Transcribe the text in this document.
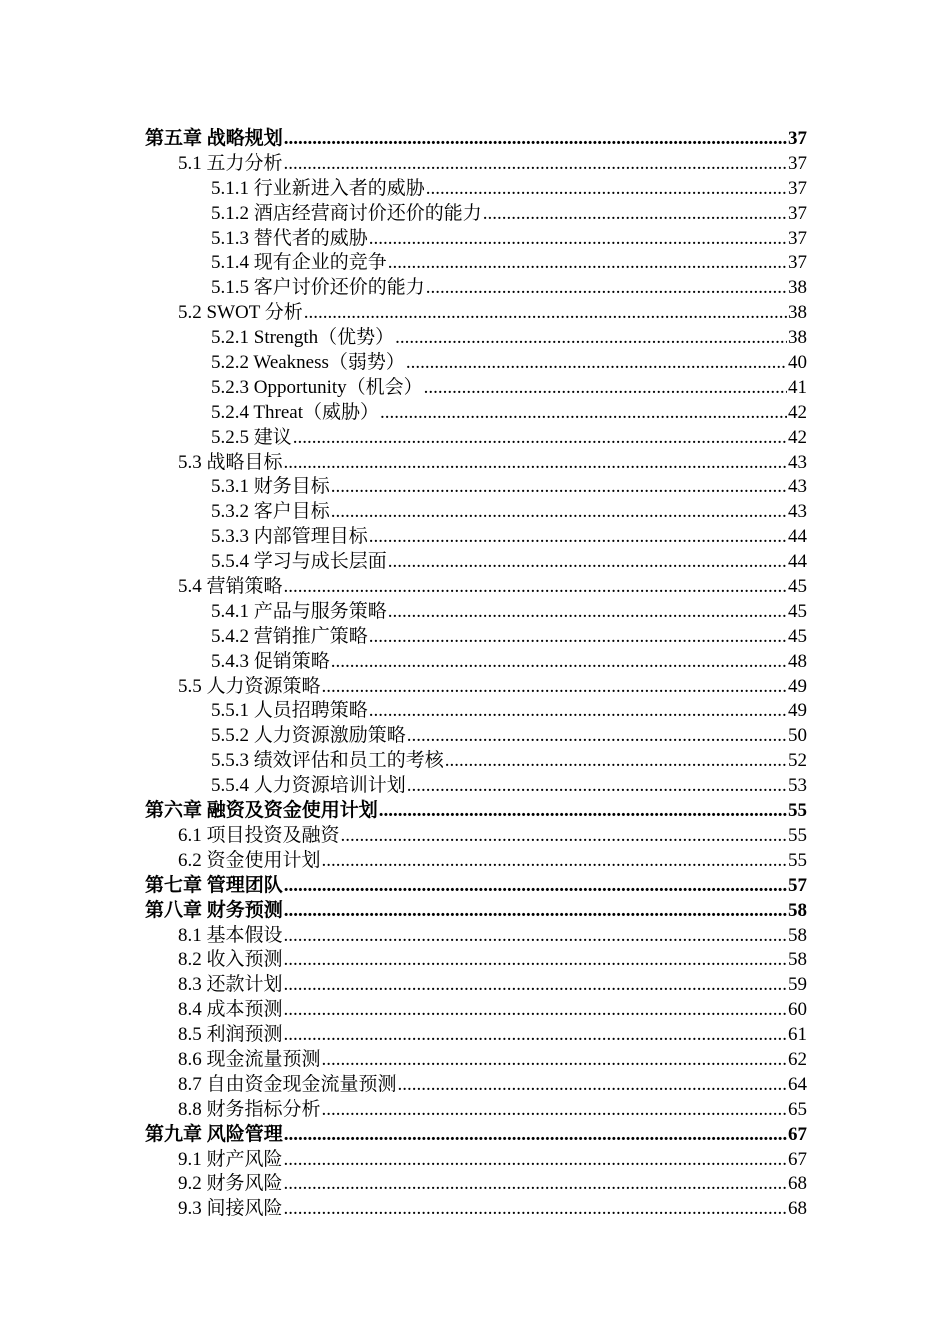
第五章 战略规划 .....	37
5.1 五力分析 .....	37
5.1.1 行业新进入者的威胁 .....	37
5.1.2 酒店经营商讨价还价的能力 .....	37
5.1.3 替代者的威胁 .....	37
5.1.4 现有企业的竞争 .....	37
5.1.5 客户讨价还价的能力 .....	38
5.2 SWOT 分析 .....	38
5.2.1 Strength（优势） .....	38
5.2.2 Weakness（弱势） .....	40
5.2.3 Opportunity（机会） .....	41
5.2.4 Threat（威胁） .....	42
5.2.5 建议 .....	42
5.3 战略目标 .....	43
5.3.1 财务目标 .....	43
5.3.2 客户目标 .....	43
5.3.3 内部管理目标 .....	44
5.5.4 学习与成长层面 .....	44
5.4 营销策略 .....	45
5.4.1 产品与服务策略 .....	45
5.4.2 营销推广策略 .....	45
5.4.3 促销策略 .....	48
5.5 人力资源策略 .....	49
5.5.1 人员招聘策略 .....	49
5.5.2 人力资源激励策略 .....	50
5.5.3 绩效评估和员工的考核 .....	52
5.5.4 人力资源培训计划 .....	53
第六章 融资及资金使用计划 .....	55
6.1 项目投资及融资 .....	55
6.2 资金使用计划 .....	55
第七章 管理团队 .....	57
第八章 财务预测 .....	58
8.1 基本假设 .....	58
8.2 收入预测 .....	58
8.3 还款计划 .....	59
8.4 成本预测 .....	60
8.5 利润预测 .....	61
8.6 现金流量预测 .....	62
8.7 自由资金现金流量预测 .....	64
8.8 财务指标分析 .....	65
第九章 风险管理 .....	67
9.1 财产风险 .....	67
9.2 财务风险 .....	68
9.3 间接风险 .....	68
